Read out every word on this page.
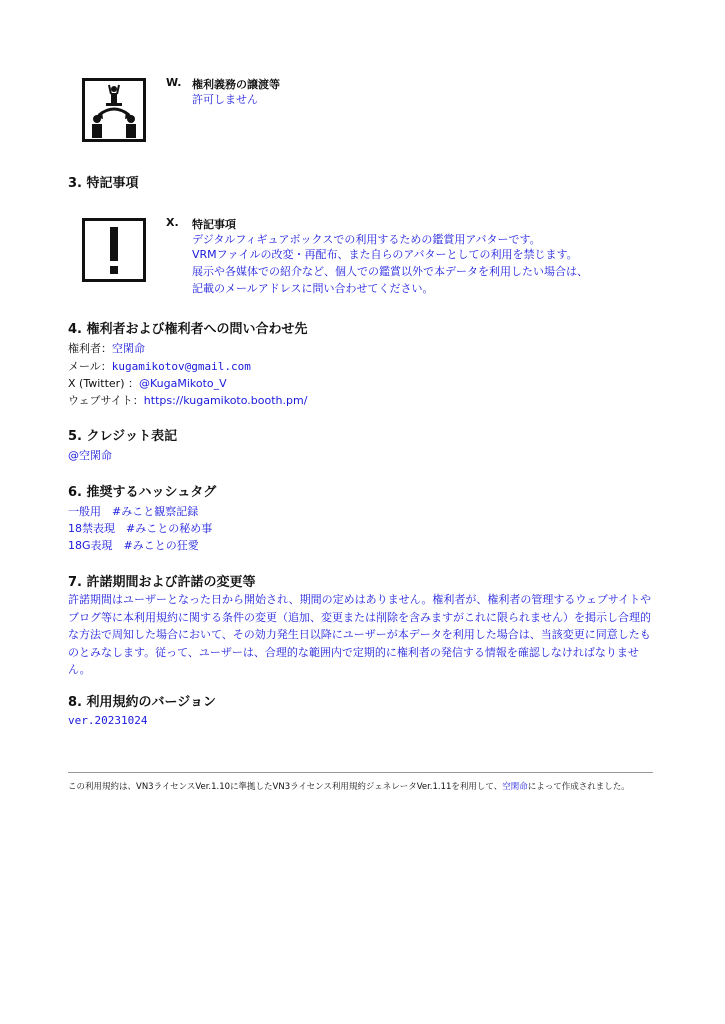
W. 権利義務の譲渡等
許可しません
3. 特記事項
X. 特記事項
デジタルフィギュアボックスでの利用するための鑑賞用アバターです。
VRMファイルの改変・再配布、また自らのアバターとしての利用を禁じます。
展示や各媒体での紹介など、個人での鑑賞以外で本データを利用したい場合は、
記載のメールアドレスに問い合わせてください。
4. 権利者および権利者への問い合わせ先
権利者：空閑命
メール：kugamikotov@gmail.com
X (Twitter) ：@KugaMikoto_V
ウェブサイト：https://kugamikoto.booth.pm/
5. クレジット表記
@空閑命
6. 推奨するハッシュタグ
一般用　#みこと観察記録
18禁表現　#みことの秘め事
18G表現　#みことの狂愛
7. 許諾期間および許諾の変更等
許諾期間はユーザーとなった日から開始され、期間の定めはありません。権利者が、権利者の管理するウェブサイトやブログ等に本利用規約に関する条件の変更（追加、変更または削除を含みますがこれに限られません）を掲示し合理的な方法で周知した場合において、その効力発生日以降にユーザーが本データを利用した場合は、当該変更に同意したものとみなします。従って、ユーザーは、合理的な範囲内で定期的に権利者の発信する情報を確認しなければなりません。
8. 利用規約のバージョン
ver.20231024
この利用規約は、VN3ライセンスVer.1.10に準拠したVN3ライセンス利用規約ジェネレータVer.1.11を利用して、空閑命によって作成されました。
